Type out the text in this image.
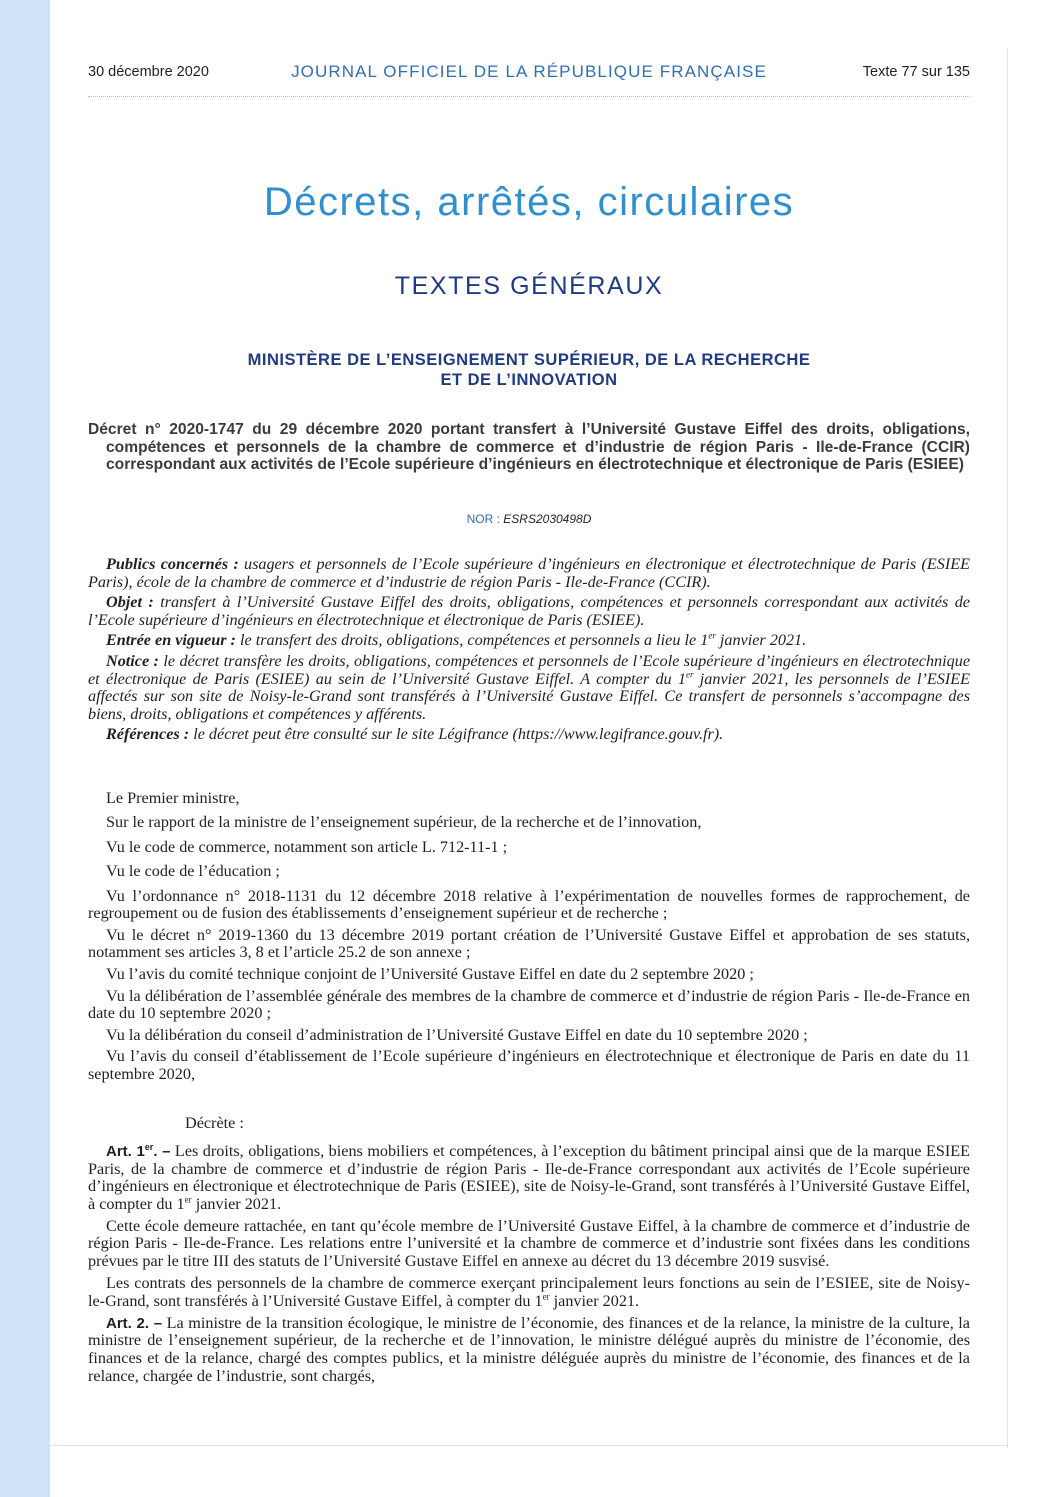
30 décembre 2020	JOURNAL OFFICIEL DE LA RÉPUBLIQUE FRANÇAISE	Texte 77 sur 135
Décrets, arrêtés, circulaires
TEXTES GÉNÉRAUX
MINISTÈRE DE L’ENSEIGNEMENT SUPÉRIEUR, DE LA RECHERCHE
ET DE L’INNOVATION
Décret n° 2020-1747 du 29 décembre 2020 portant transfert à l’Université Gustave Eiffel des droits, obligations, compétences et personnels de la chambre de commerce et d’industrie de région Paris - Ile-de-France (CCIR) correspondant aux activités de l’Ecole supérieure d’ingénieurs en électrotechnique et électronique de Paris (ESIEE)
NOR : ESRS2030498D

Publics concernés : usagers et personnels de l’Ecole supérieure d’ingénieurs en électronique et électrotechnique de Paris (ESIEE Paris), école de la chambre de commerce et d’industrie de région Paris - Ile-de-France (CCIR).

Objet : transfert à l’Université Gustave Eiffel des droits, obligations, compétences et personnels correspondant aux activités de l’Ecole supérieure d’ingénieurs en électrotechnique et électronique de Paris (ESIEE).

Entrée en vigueur : le transfert des droits, obligations, compétences et personnels a lieu le 1er janvier 2021.

Notice : le décret transfère les droits, obligations, compétences et personnels de l’Ecole supérieure d’ingénieurs en électrotechnique et électronique de Paris (ESIEE) au sein de l’Université Gustave Eiffel. A compter du 1er janvier 2021, les personnels de l’ESIEE affectés sur son site de Noisy-le-Grand sont transférés à l’Université Gustave Eiffel. Ce transfert de personnels s’accompagne des biens, droits, obligations et compétences y afférents.

Références : le décret peut être consulté sur le site Légifrance (https://www.legifrance.gouv.fr).

Le Premier ministre,

Sur le rapport de la ministre de l’enseignement supérieur, de la recherche et de l’innovation,

Vu le code de commerce, notamment son article L. 712-11-1 ;

Vu le code de l’éducation ;

Vu l’ordonnance n° 2018-1131 du 12 décembre 2018 relative à l’expérimentation de nouvelles formes de rapprochement, de regroupement ou de fusion des établissements d’enseignement supérieur et de recherche ;

Vu le décret n° 2019-1360 du 13 décembre 2019 portant création de l’Université Gustave Eiffel et approbation de ses statuts, notamment ses articles 3, 8 et l’article 25.2 de son annexe ;

Vu l’avis du comité technique conjoint de l’Université Gustave Eiffel en date du 2 septembre 2020 ;

Vu la délibération de l’assemblée générale des membres de la chambre de commerce et d’industrie de région Paris - Ile-de-France en date du 10 septembre 2020 ;

Vu la délibération du conseil d’administration de l’Université Gustave Eiffel en date du 10 septembre 2020 ;

Vu l’avis du conseil d’établissement de l’Ecole supérieure d’ingénieurs en électrotechnique et électronique de Paris en date du 11 septembre 2020,

Décrète :

Art. 1er. – Les droits, obligations, biens mobiliers et compétences, à l’exception du bâtiment principal ainsi que de la marque ESIEE Paris, de la chambre de commerce et d’industrie de région Paris - Ile-de-France correspondant aux activités de l’Ecole supérieure d’ingénieurs en électronique et électrotechnique de Paris (ESIEE), site de Noisy-le-Grand, sont transférés à l’Université Gustave Eiffel, à compter du 1er janvier 2021.

Cette école demeure rattachée, en tant qu’école membre de l’Université Gustave Eiffel, à la chambre de commerce et d’industrie de région Paris - Ile-de-France. Les relations entre l’université et la chambre de commerce et d’industrie sont fixées dans les conditions prévues par le titre III des statuts de l’Université Gustave Eiffel en annexe au décret du 13 décembre 2019 susvisé.

Les contrats des personnels de la chambre de commerce exerçant principalement leurs fonctions au sein de l’ESIEE, site de Noisy-le-Grand, sont transférés à l’Université Gustave Eiffel, à compter du 1er janvier 2021.

Art. 2. – La ministre de la transition écologique, le ministre de l’économie, des finances et de la relance, la ministre de la culture, la ministre de l’enseignement supérieur, de la recherche et de l’innovation, le ministre délégué auprès du ministre de l’économie, des finances et de la relance, chargé des comptes publics, et la ministre déléguée auprès du ministre de l’économie, des finances et de la relance, chargée de l’industrie, sont chargés,
